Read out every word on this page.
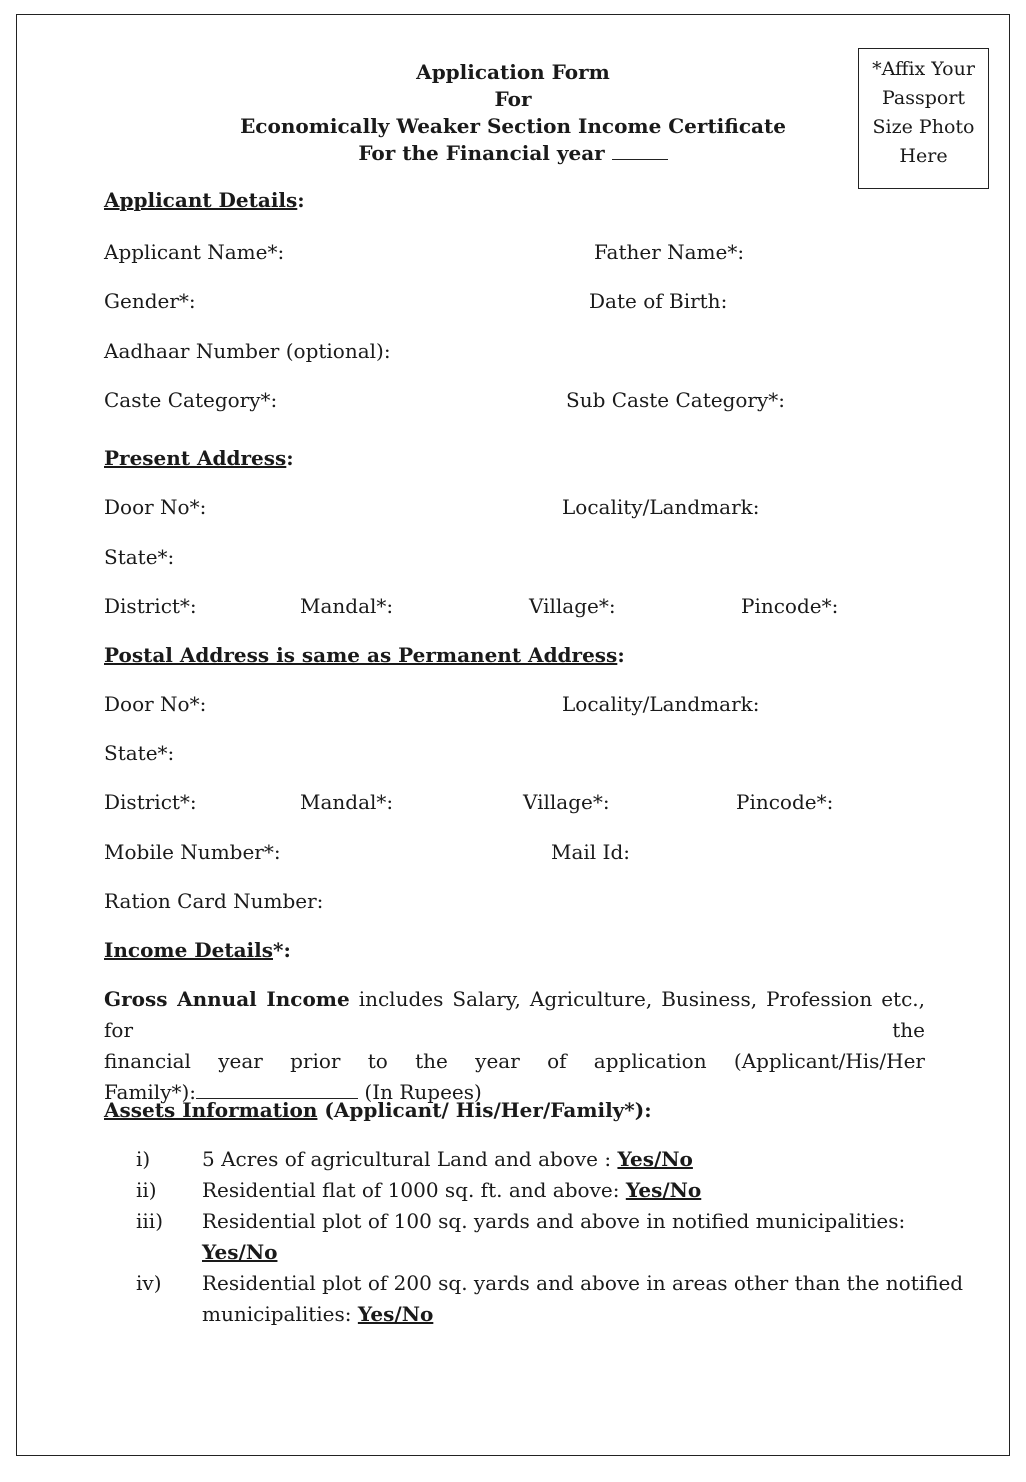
Application Form
For
Economically Weaker Section Income Certificate
For the Financial year
*Affix Your
Passport
Size Photo
Here
Applicant Details:
Applicant Name*:	Father Name*:
Gender*:	Date of Birth:
Aadhaar Number (optional):
Caste Category*:	Sub Caste Category*:
Present Address:
Door No*:	Locality/Landmark:
State*:
District*:	Mandal*:	Village*:	Pincode*:
Postal Address is same as Permanent Address:
Door No*:	Locality/Landmark:
State*:
District*:	Mandal*:	Village*:	Pincode*:
Mobile Number*:	Mail Id:
Ration Card Number:
Income Details*:
Gross Annual Income includes Salary, Agriculture, Business, Profession etc., for the
financial year prior to the year of application (Applicant/His/Her
Family*):	(In Rupees)
Assets Information (Applicant/ His/Her/Family*):
i)	5 Acres of agricultural Land and above : Yes/No
ii) Residential flat of 1000 sq. ft. and above: Yes/No
iii) Residential plot of 100 sq. yards and above in notified municipalities:
Yes/No
iv) Residential plot of 200 sq. yards and above in areas other than the notified
municipalities: Yes/No
